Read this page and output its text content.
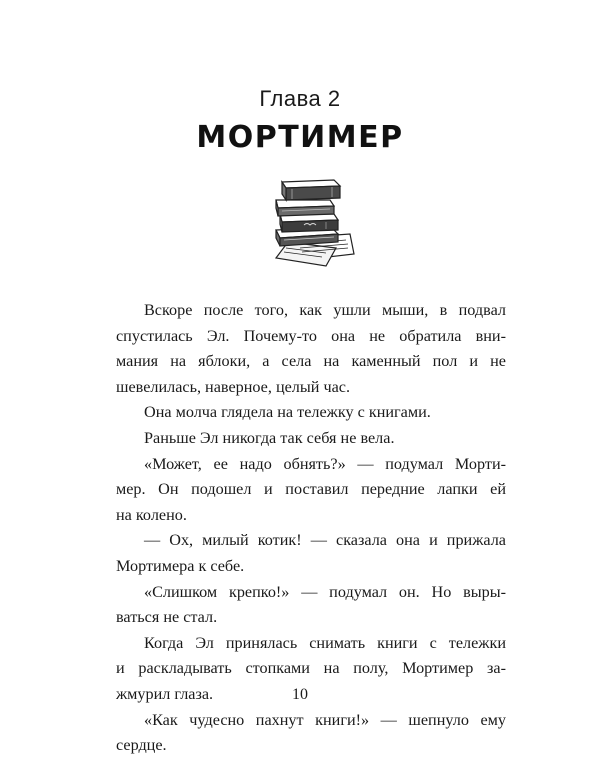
Глава 2
МОРТИМЕР

Вскоре после того, как ушли мыши, в подвал
спустилась Эл. Почему-то она не обратила вни-
мания на яблоки, а села на каменный пол и не
шевелилась, наверное, целый час.

Она молча глядела на тележку с книгами.

Раньше Эл никогда так себя не вела.

«Может, ее надо обнять?» — подумал Морти-
мер. Он подошел и поставил передние лапки ей
на колено.

— Ох, милый котик! — сказала она и прижала
Мортимера к себе.

«Слишком крепко!» — подумал он. Но выры-
ваться не стал.

Когда Эл принялась снимать книги с тележки
и раскладывать стопками на полу, Мортимер за-
жмурил глаза.

«Как чудесно пахнут книги!» — шепнуло ему
сердце.

10
